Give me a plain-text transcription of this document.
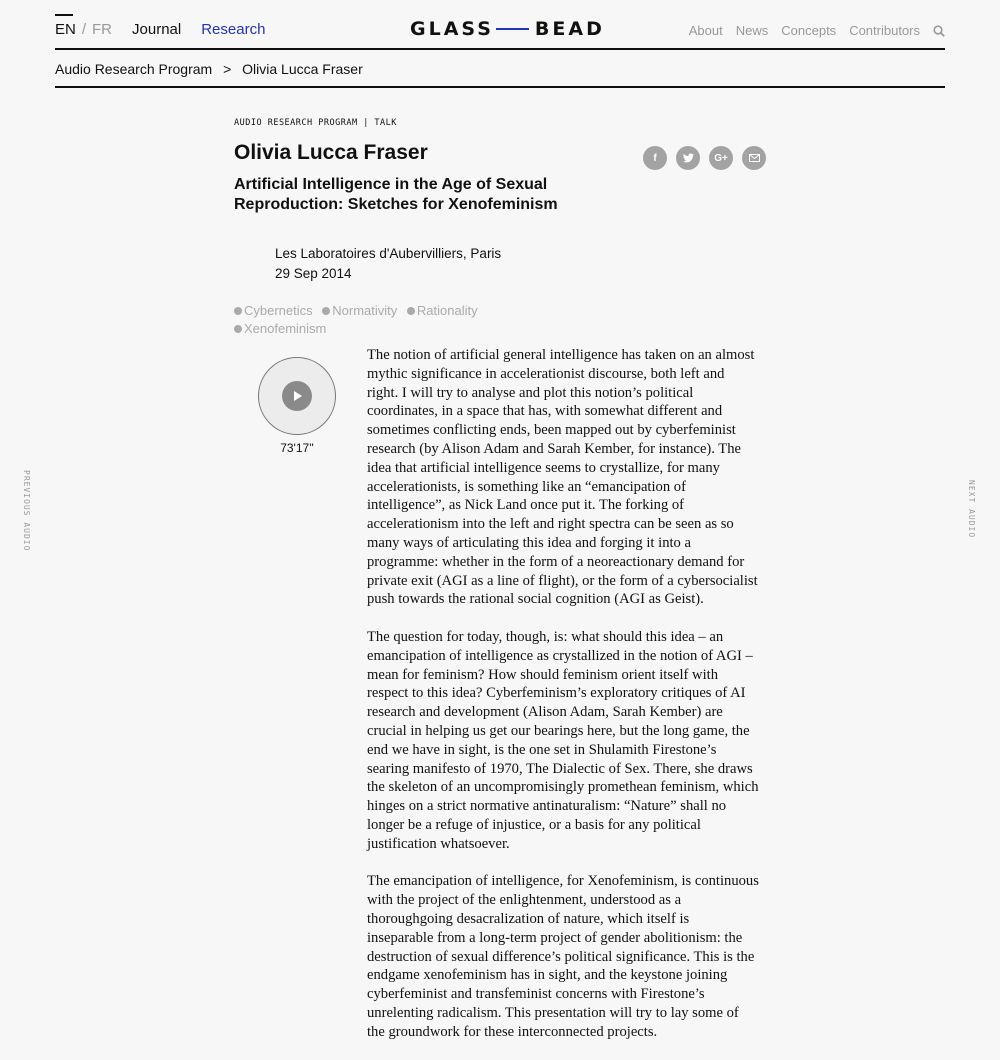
EN / FR Journal Research	GLASS BEAD	About News Concepts Contributors
Audio Research Program > Olivia Lucca Fraser
PREVIOUS AUDIO	NEXT AUDIO
AUDIO RESEARCH PROGRAM | TALK
Olivia Lucca Fraser
Artificial Intelligence in the Age of Sexual Reproduction: Sketches for Xenofeminism
Les Laboratoires d'Aubervilliers, Paris
29 Sep 2014
f	G+
Cybernetics Normativity Rationality Xenofeminism
73'17''

The notion of artificial general intelligence has taken on an almost mythic significance in accelerationist discourse, both left and right. I will try to analyse and plot this notion’s political coordinates, in a space that has, with somewhat different and sometimes conflicting ends, been mapped out by cyberfeminist research (by Alison Adam and Sarah Kember, for instance). The idea that artificial intelligence seems to crystallize, for many accelerationists, is something like an “emancipation of intelligence”, as Nick Land once put it. The forking of accelerationism into the left and right spectra can be seen as so many ways of articulating this idea and forging it into a programme: whether in the form of a neoreactionary demand for private exit (AGI as a line of flight), or the form of a cybersocialist push towards the rational social cognition (AGI as Geist).

The question for today, though, is: what should this idea – an emancipation of intelligence as crystallized in the notion of AGI – mean for feminism? How should feminism orient itself with respect to this idea? Cyberfeminism’s exploratory critiques of AI research and development (Alison Adam, Sarah Kember) are crucial in helping us get our bearings here, but the long game, the end we have in sight, is the one set in Shulamith Firestone’s searing manifesto of 1970, The Dialectic of Sex. There, she draws the skeleton of an uncompromisingly promethean feminism, which hinges on a strict normative antinaturalism: “Nature” shall no longer be a refuge of injustice, or a basis for any political justification whatsoever.

The emancipation of intelligence, for Xenofeminism, is continuous with the project of the enlightenment, understood as a thoroughgoing desacralization of nature, which itself is inseparable from a long-term project of gender abolitionism: the destruction of sexual difference’s political significance. This is the endgame xenofeminism has in sight, and the keystone joining cyberfeminist and transfeminist concerns with Firestone’s unrelenting radicalism. This presentation will try to lay some of the groundwork for these interconnected projects.
